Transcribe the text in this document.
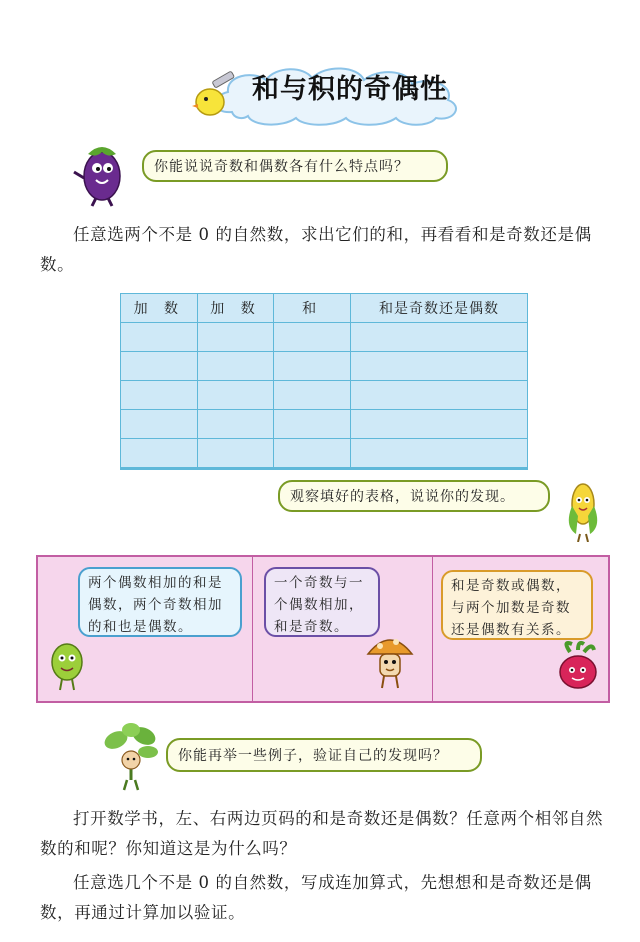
和与积的奇偶性
你能说说奇数和偶数各有什么特点吗？

任意选两个不是 0 的自然数，求出它们的和，再看看和是奇数还是偶数。

加 数	加 数	和	和是奇数还是偶数

观察填好的表格，说说你的发现。
两个偶数相加的和是偶数，两个奇数相加的和也是偶数。
一个奇数与一个偶数相加，和是奇数。
和是奇数或偶数，与两个加数是奇数还是偶数有关系。
你能再举一些例子，验证自己的发现吗？

打开数学书，左、右两边页码的和是奇数还是偶数？任意两个相邻自然数的和呢？你知道这是为什么吗？

任意选几个不是 0 的自然数，写成连加算式，先想想和是奇数还是偶数，再通过计算加以验证。
